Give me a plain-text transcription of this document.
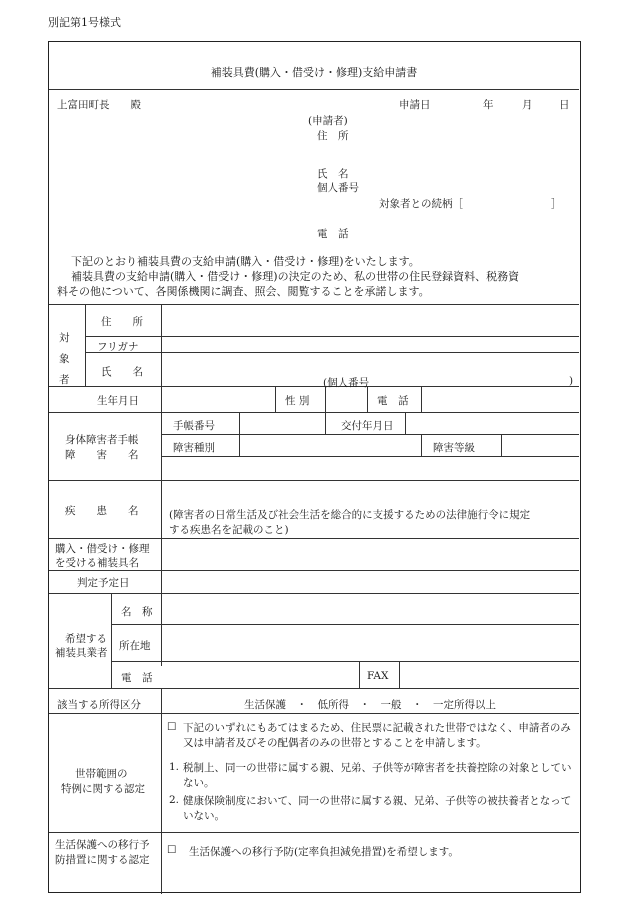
別記第1号様式
補装具費(購入・借受け・修理)支給申請書
上富田町長　　殿	申請日	年	月	日
(申請者)
住　所
氏　名
個人番号
対象者との続柄［	］
電　話
下記のとおり補装具費の支給申請(購入・借受け・修理)をいたします。
補装具費の支給申請(購入・借受け・修理)の決定のため、私の世帯の住民登録資料、税務資
料その他について、各関係機関に調査、照会、閲覧することを承諾します。
対
象
者
住　　所
フリガナ
氏　　名
(個人番号	)
生年月日	性 別	電　話
身体障害者手帳
障　　害　　名
手帳番号	交付年月日
障害種別	障害等級
疾　　患　　名	(障害者の日常生活及び社会生活を総合的に支援するための法律施行令に規定
する疾患名を記載のこと)
購入・借受け・修理
を受ける補装具名
判定予定日
希望する
補装具業者
名　称
所在地
電　話	FAX
該当する所得区分	生活保護　・　低所得　・　一般　・　一定所得以上
世帯範囲の
特例に関する認定
☐ 下記のいずれにもあてはまるため、住民票に記載された世帯ではなく、申請者のみ又は申請者及びその配偶者のみの世帯とすることを申請します。
1. 税制上、同一の世帯に属する親、兄弟、子供等が障害者を扶養控除の対象としていない。
2. 健康保険制度において、同一の世帯に属する親、兄弟、子供等の被扶養者となっていない。
生活保護への移行予
防措置に関する認定
☐ 生活保護への移行予防(定率負担減免措置)を希望します。
